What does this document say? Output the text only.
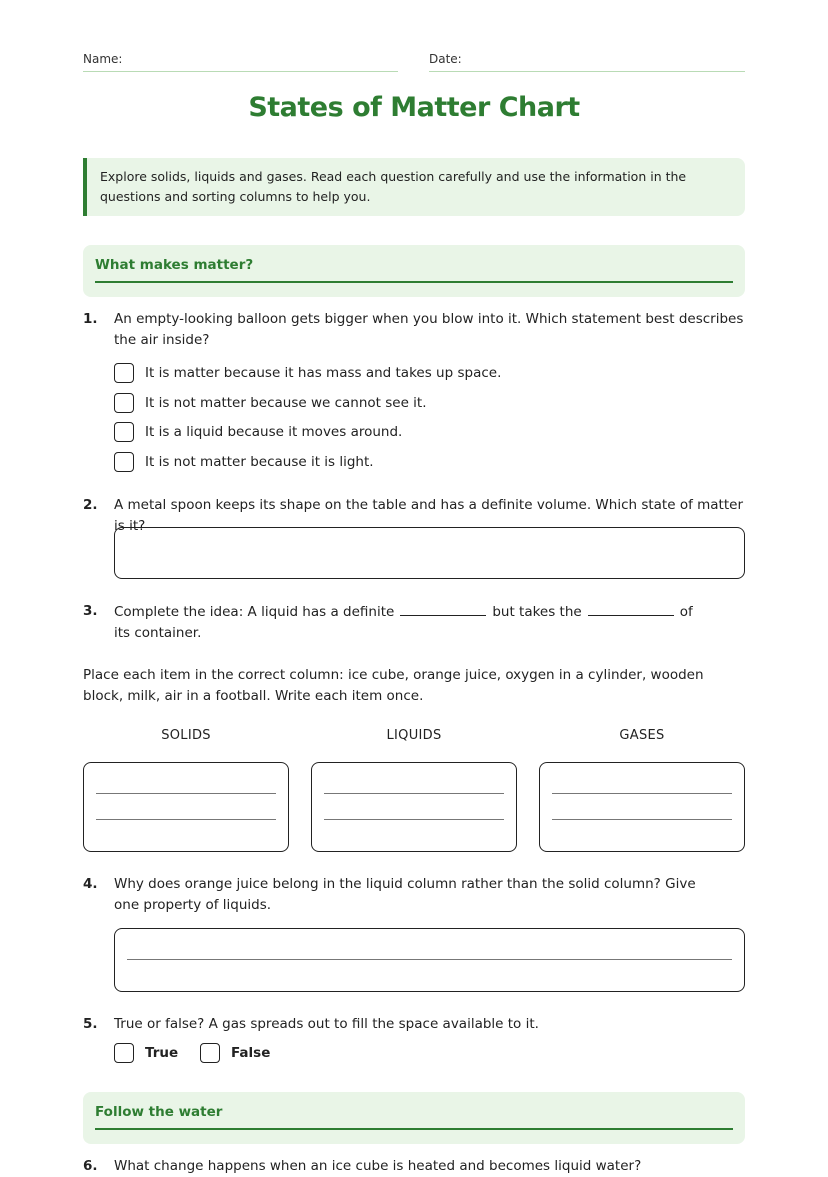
Name:	Date:
States of Matter Chart
Explore solids, liquids and gases. Read each question carefully and use the information in the questions and sorting columns to help you.
What makes matter?
1. An empty-looking balloon gets bigger when you blow into it. Which statement best describes the air inside?
It is matter because it has mass and takes up space.
It is not matter because we cannot see it.
It is a liquid because it moves around.
It is not matter because it is light.
2. A metal spoon keeps its shape on the table and has a definite volume. Which state of matter is it?
3. Complete the idea: A liquid has a definite	but takes the	of its container.
Place each item in the correct column: ice cube, orange juice, oxygen in a cylinder, wooden block, milk, air in a football. Write each item once.
SOLIDS	LIQUIDS	GASES
4. Why does orange juice belong in the liquid column rather than the solid column? Give one property of liquids.
5. True or false? A gas spreads out to fill the space available to it.
True	False
Follow the water
6. What change happens when an ice cube is heated and becomes liquid water?
